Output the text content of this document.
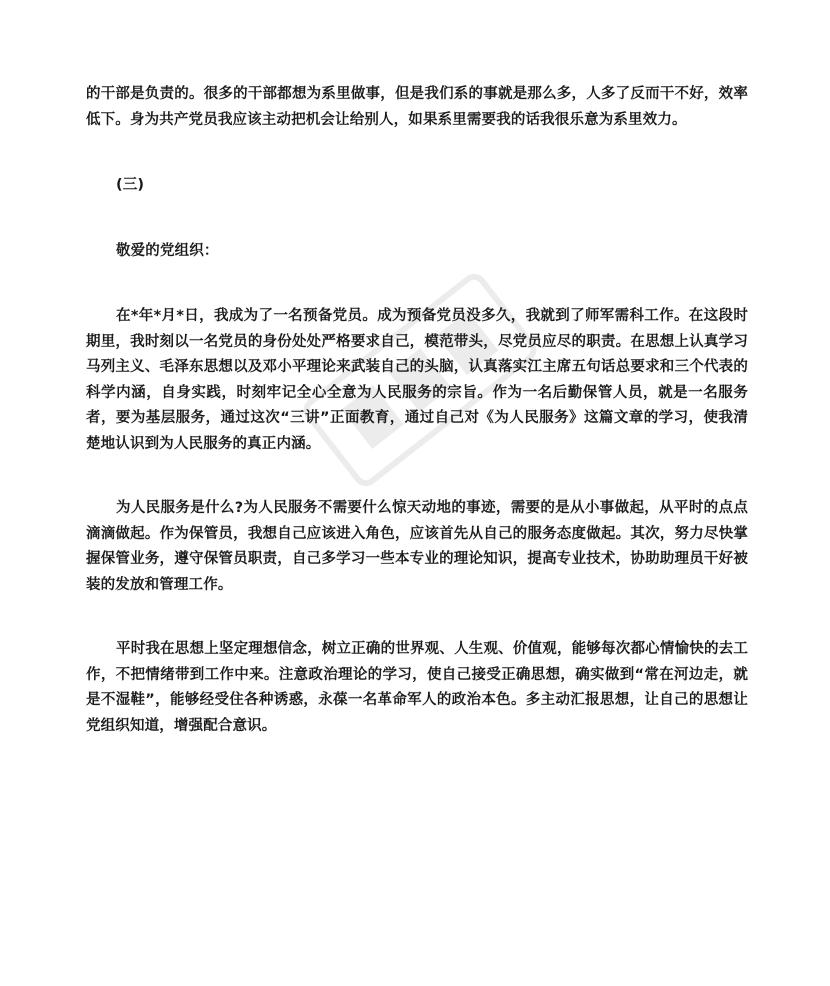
的干部是负责的。很多的干部都想为系里做事，但是我们系的事就是那么多，人多了反而干不好，效率低下。身为共产党员我应该主动把机会让给别人，如果系里需要我的话我很乐意为系里效力。

(三)

敬爱的党组织：

在*年*月*日，我成为了一名预备党员。成为预备党员没多久，我就到了师军需科工作。在这段时期里，我时刻以一名党员的身份处处严格要求自己，模范带头，尽党员应尽的职责。在思想上认真学习马列主义、毛泽东思想以及邓小平理论来武装自己的头脑，认真落实江主席五句话总要求和三个代表的科学内涵，自身实践，时刻牢记全心全意为人民服务的宗旨。作为一名后勤保管人员，就是一名服务者，要为基层服务，通过这次“三讲”正面教育，通过自己对《为人民服务》这篇文章的学习，使我清楚地认识到为人民服务的真正内涵。

为人民服务是什么?为人民服务不需要什么惊天动地的事迹，需要的是从小事做起，从平时的点点滴滴做起。作为保管员，我想自己应该进入角色，应该首先从自己的服务态度做起。其次，努力尽快掌握保管业务，遵守保管员职责，自己多学习一些本专业的理论知识，提高专业技术，协助助理员干好被装的发放和管理工作。

平时我在思想上坚定理想信念，树立正确的世界观、人生观、价值观，能够每次都心情愉快的去工作，不把情绪带到工作中来。注意政治理论的学习，使自己接受正确思想，确实做到“常在河边走，就是不湿鞋”，能够经受住各种诱惑，永葆一名革命军人的政治本色。多主动汇报思想，让自己的思想让党组织知道，增强配合意识。
